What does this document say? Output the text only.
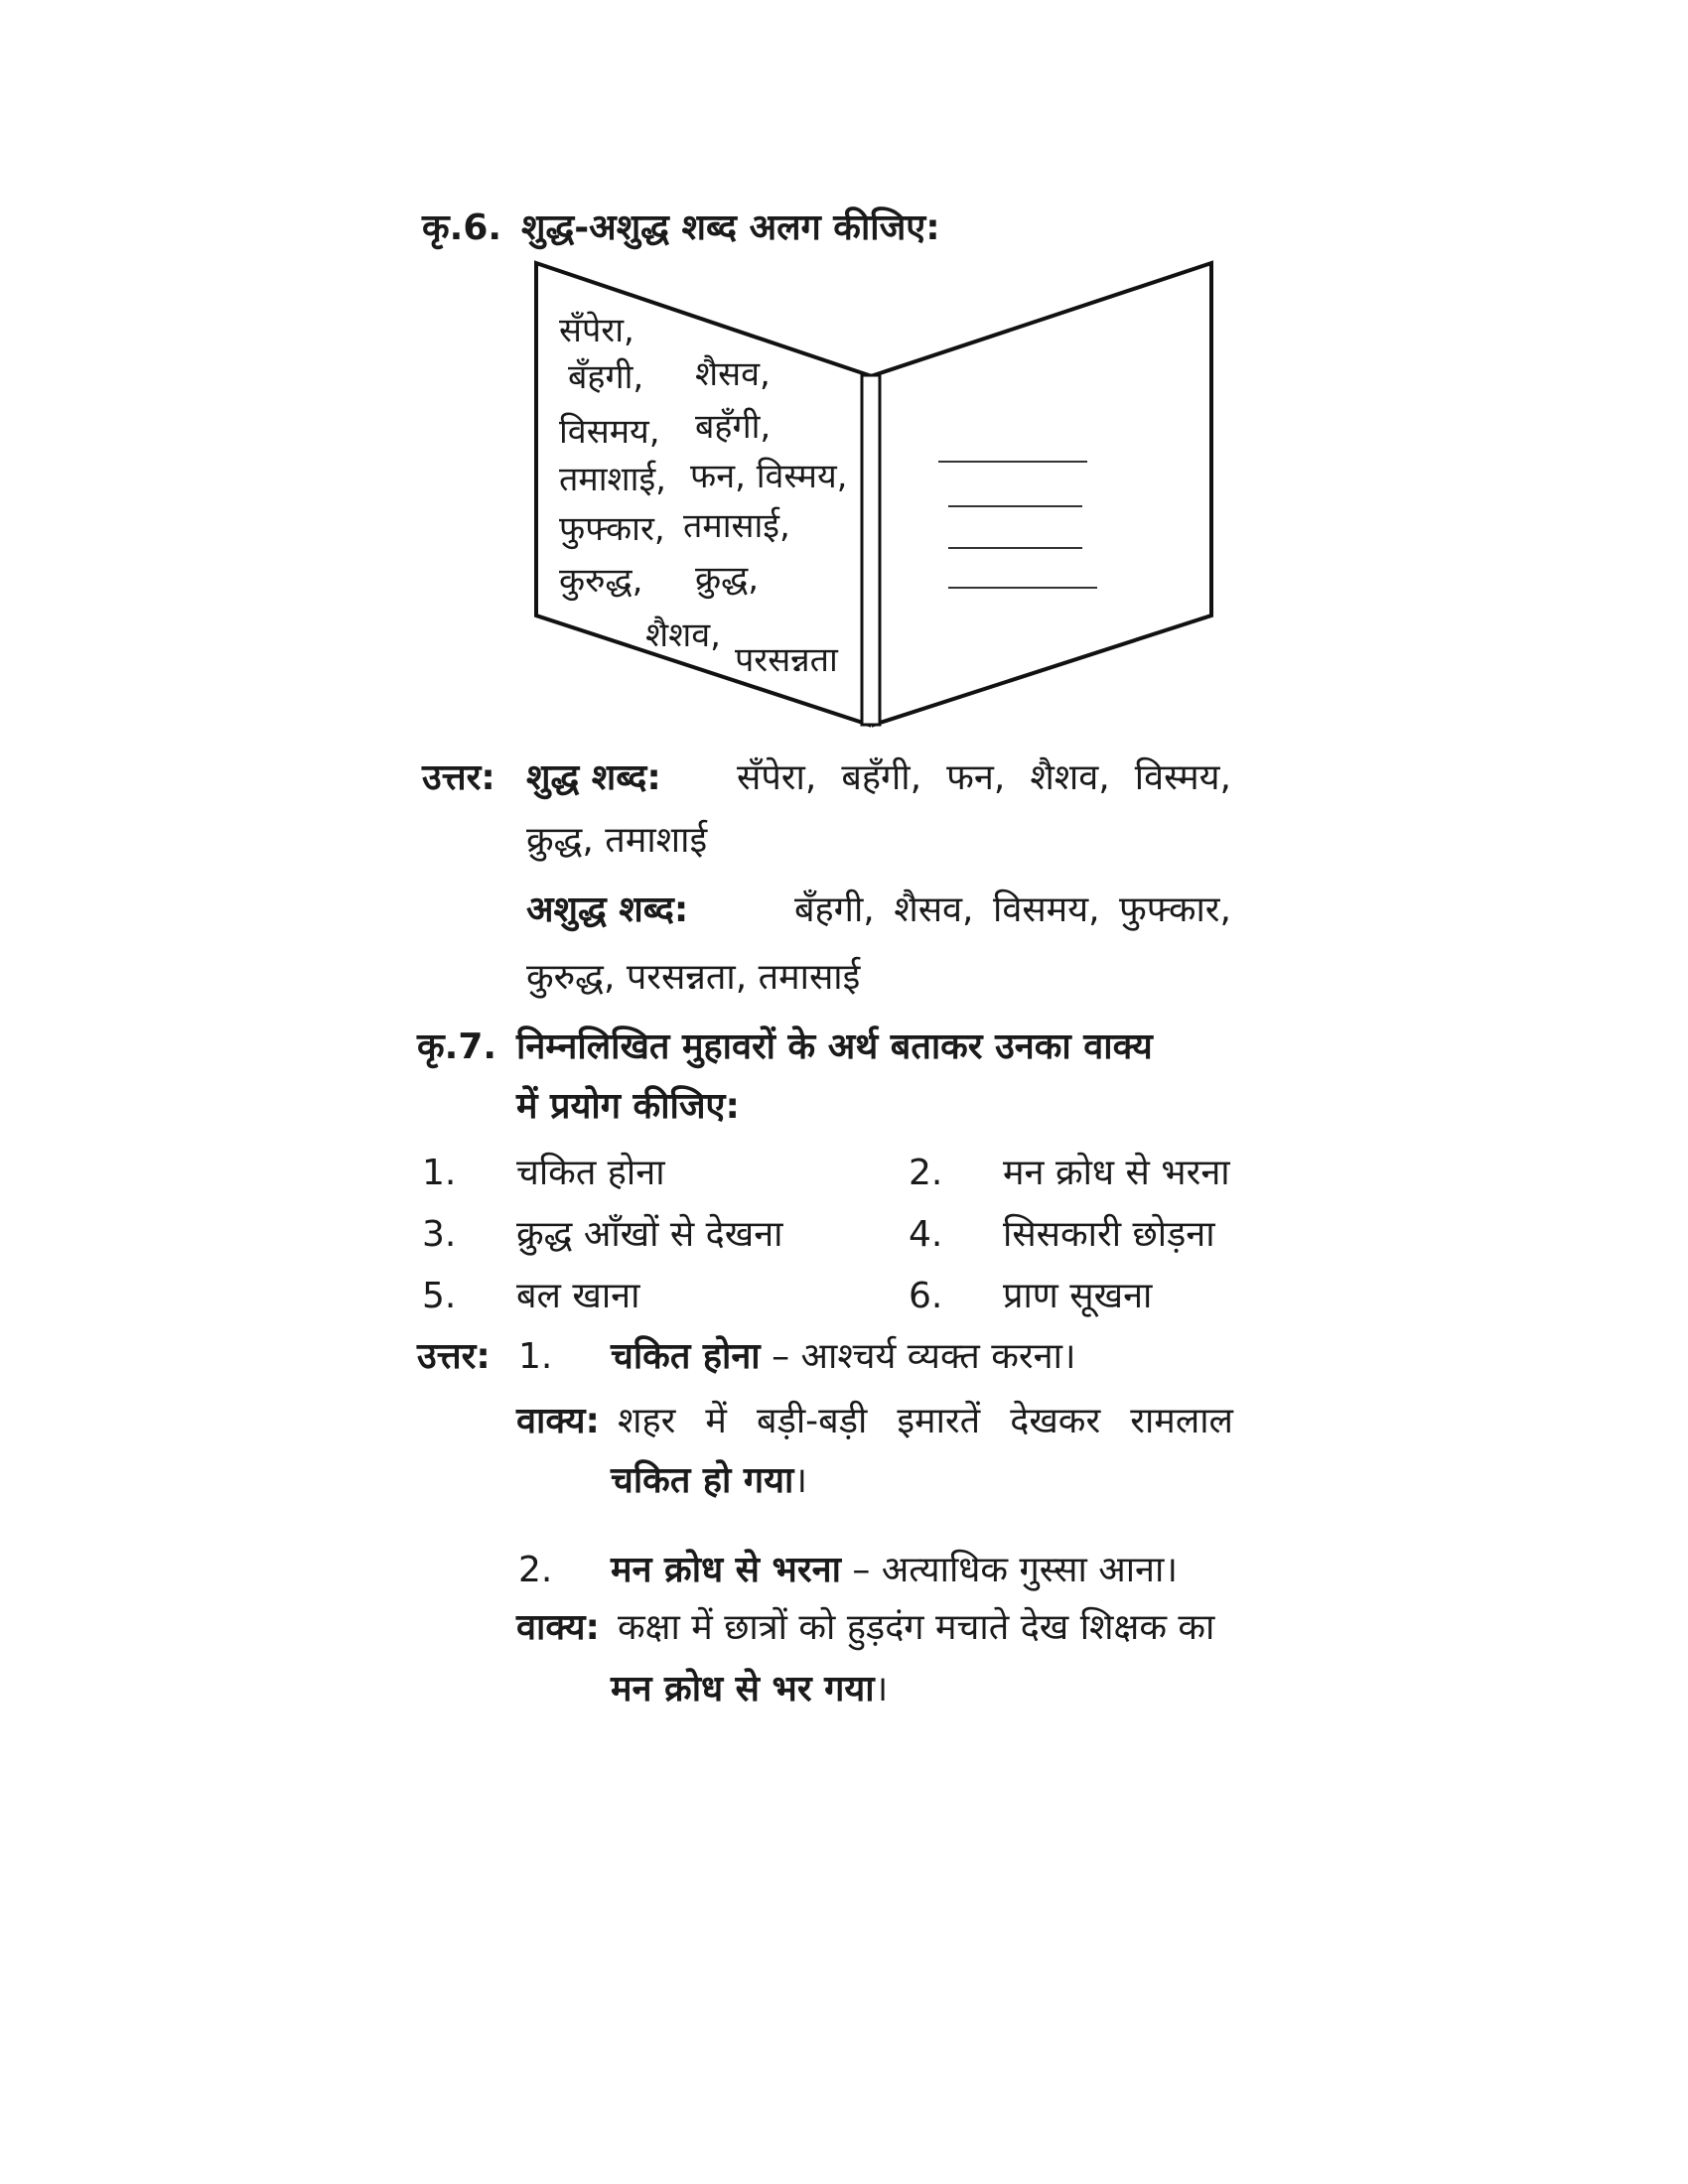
कृ.6. शुद्ध-अशुद्ध शब्द अलग कीजिए:
सँपेरा,
बँहगी, शैसव,
विसमय, बहँगी,
तमाशाई, फन, विस्मय,
फुफ्कार, तमासाई,
कुरुद्ध, क्रुद्ध,
शैशव,
परसन्नता
उत्तर: शुद्ध शब्द: सँपेरा, बहँगी, फन, शैशव, विस्मय,
क्रुद्ध, तमाशाई
अशुद्ध शब्द:	बँहगी, शैसव, विसमय, फुफ्कार,
कुरुद्ध, परसन्नता, तमासाई
कृ.7. निम्नलिखित मुहावरों के अर्थ बताकर उनका वाक्य
में प्रयोग कीजिए:
1. चकित होना	2. मन क्रोध से भरना
3. क्रुद्ध आँखों से देखना	4. सिसकारी छोड़ना
5. बल खाना	6. प्राण सूखना
उत्तर: 1. चकित होना – आश्चर्य व्यक्त करना।
वाक्य: शहर में बड़ी-बड़ी इमारतें देखकर रामलाल
चकित हो गया।
2. मन क्रोध से भरना – अत्याधिक गुस्सा आना।
वाक्य: कक्षा में छात्रों को हुड़दंग मचाते देख शिक्षक का
मन क्रोध से भर गया।
